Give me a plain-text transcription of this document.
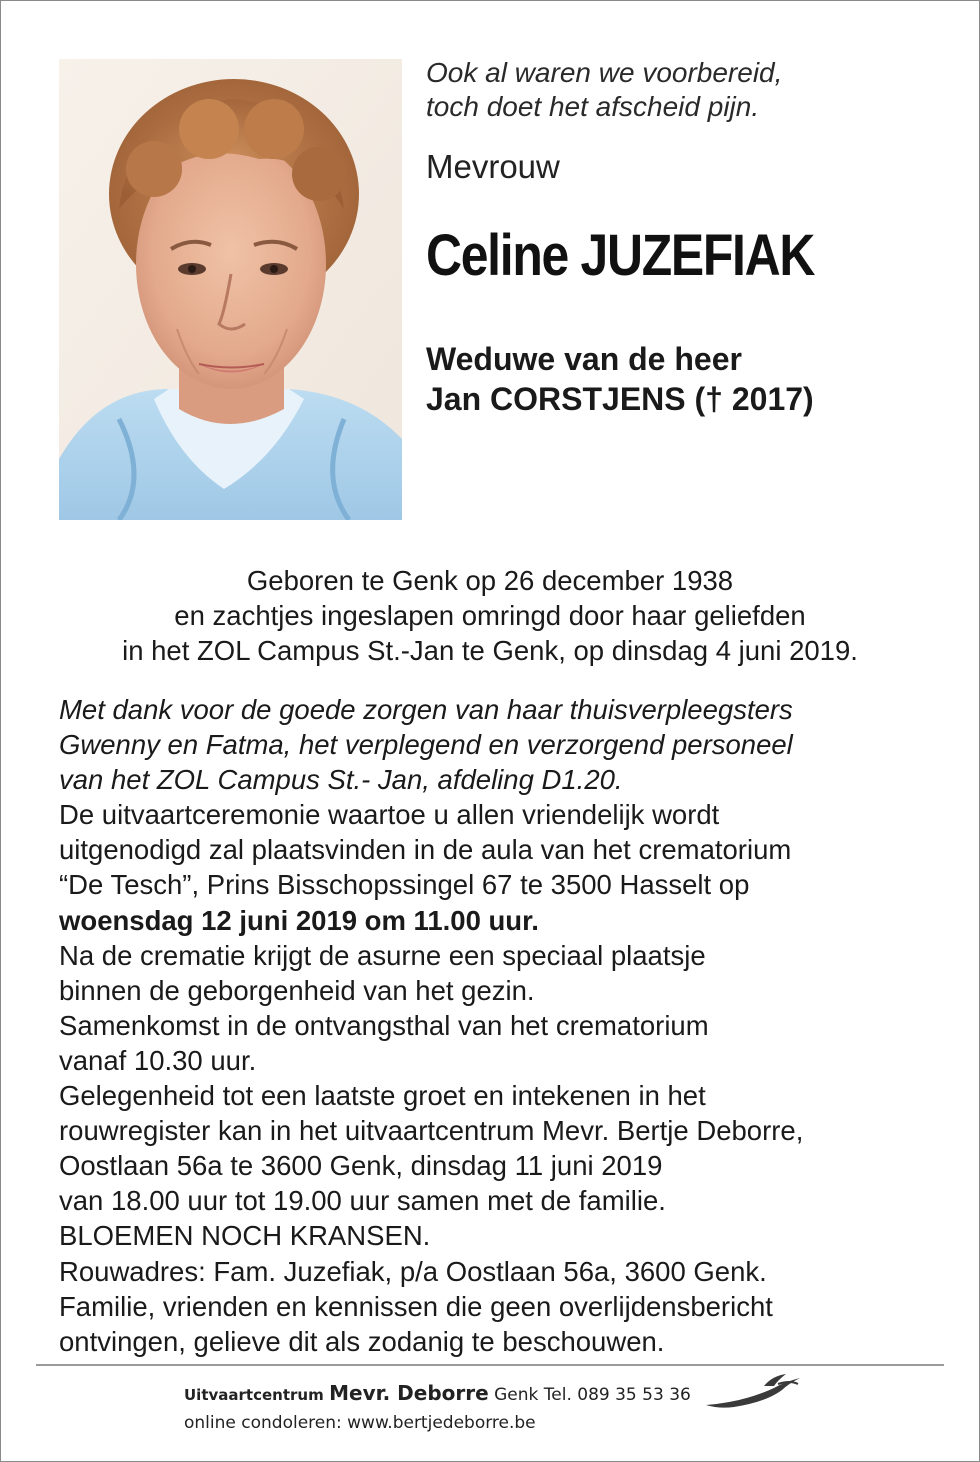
Ook al waren we voorbereid,
toch doet het afscheid pijn.
Mevrouw
Celine JUZEFIAK
Weduwe van de heer
Jan CORSTJENS († 2017)
Geboren te Genk op 26 december 1938
en zachtjes ingeslapen omringd door haar geliefden
in het ZOL Campus St.-Jan te Genk, op dinsdag 4 juni 2019.
Met dank voor de goede zorgen van haar thuisverpleegsters
Gwenny en Fatma, het verplegend en verzorgend personeel
van het ZOL Campus St.- Jan, afdeling D1.20.
De uitvaartceremonie waartoe u allen vriendelijk wordt
uitgenodigd zal plaatsvinden in de aula van het crematorium
“De Tesch”, Prins Bisschopssingel 67 te 3500 Hasselt op
woensdag 12 juni 2019 om 11.00 uur.
Na de crematie krijgt de asurne een speciaal plaatsje
binnen de geborgenheid van het gezin.
Samenkomst in de ontvangsthal van het crematorium
vanaf 10.30 uur.
Gelegenheid tot een laatste groet en intekenen in het
rouwregister kan in het uitvaartcentrum Mevr. Bertje Deborre,
Oostlaan 56a te 3600 Genk, dinsdag 11 juni 2019
van 18.00 uur tot 19.00 uur samen met de familie.
BLOEMEN NOCH KRANSEN.
Rouwadres: Fam. Juzefiak, p/a Oostlaan 56a, 3600 Genk.
Familie, vrienden en kennissen die geen overlijdensbericht
ontvingen, gelieve dit als zodanig te beschouwen.
Uitvaartcentrum Mevr. Deborre Genk Tel. 089 35 53 36
online condoleren: www.bertjedeborre.be
